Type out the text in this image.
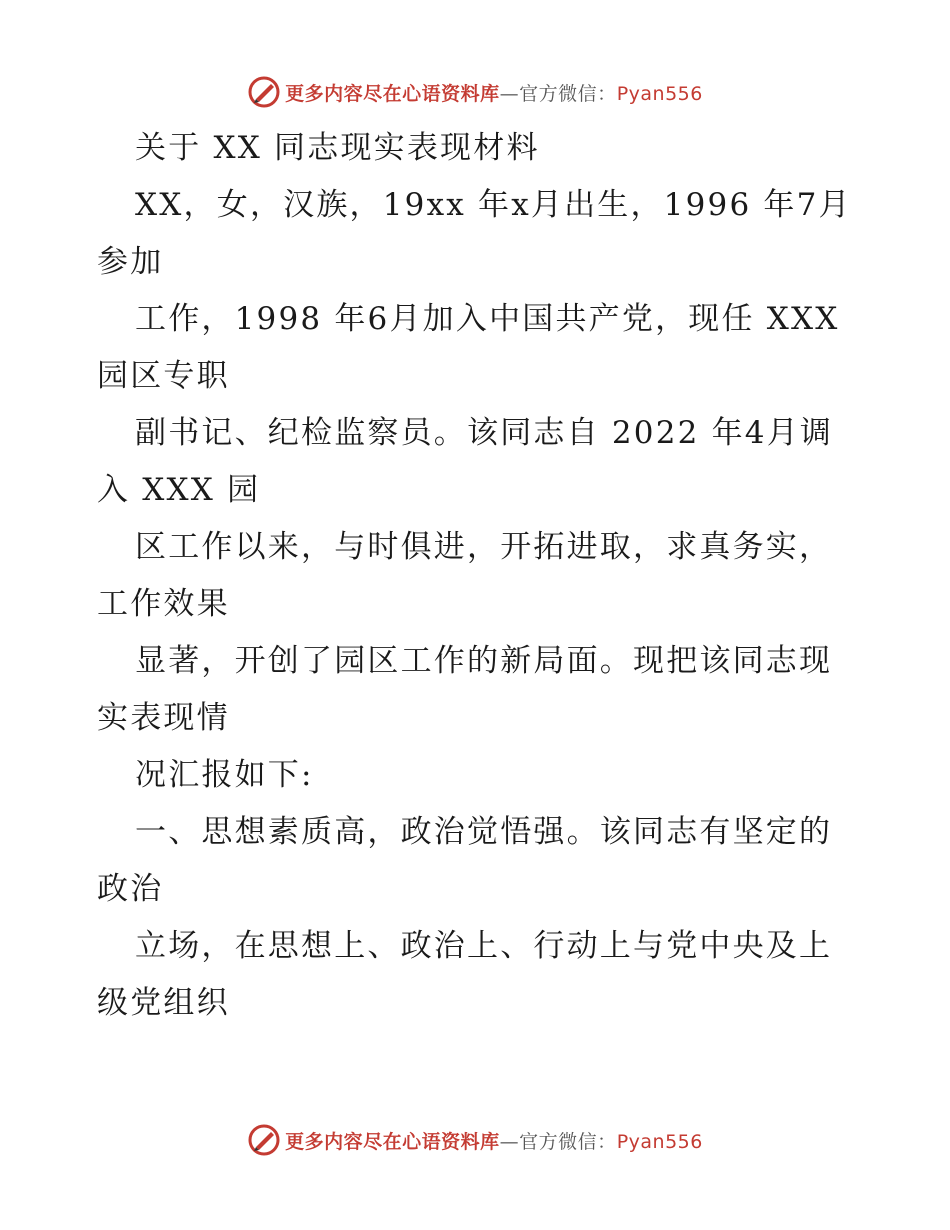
更多内容尽在心语资料库—官方微信：Pyan556
关于 XX 同志现实表现材料
XX，女，汉族，19xx 年x月出生，1996 年7月
参加
工作，1998 年6月加入中国共产党，现任 XXX
园区专职
副书记、纪检监察员。该同志自 2022 年4月调
入 XXX 园
区工作以来，与时俱进，开拓进取，求真务实，
工作效果
显著，开创了园区工作的新局面。现把该同志现
实表现情
况汇报如下:
一、思想素质高，政治觉悟强。该同志有坚定的
政治
立场，在思想上、政治上、行动上与党中央及上
级党组织
更多内容尽在心语资料库—官方微信：Pyan556
